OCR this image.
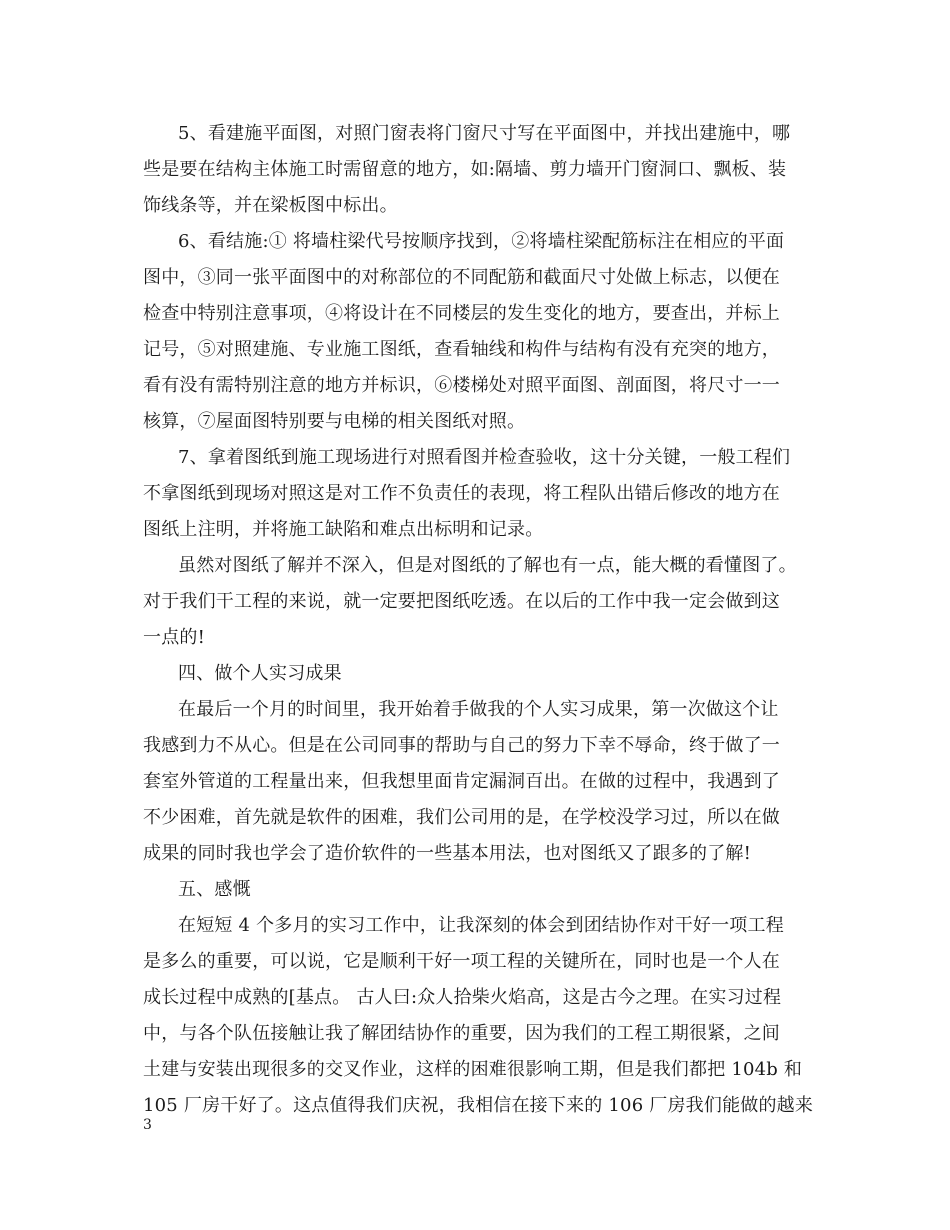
5、看建施平面图，对照门窗表将门窗尺寸写在平面图中，并找出建施中，哪
些是要在结构主体施工时需留意的地方，如:隔墙、剪力墙开门窗洞口、飘板、装
饰线条等，并在梁板图中标出。
6、看结施:① 将墙柱梁代号按顺序找到，②将墙柱梁配筋标注在相应的平面
图中，③同一张平面图中的对称部位的不同配筋和截面尺寸处做上标志，以便在
检查中特别注意事项，④将设计在不同楼层的发生变化的地方，要查出，并标上
记号，⑤对照建施、专业施工图纸，查看轴线和构件与结构有没有充突的地方，
看有没有需特别注意的地方并标识，⑥楼梯处对照平面图、剖面图，将尺寸一一
核算，⑦屋面图特别要与电梯的相关图纸对照。
7、拿着图纸到施工现场进行对照看图并检查验收，这十分关键，一般工程们
不拿图纸到现场对照这是对工作不负责任的表现，将工程队出错后修改的地方在
图纸上注明，并将施工缺陷和难点出标明和记录。
虽然对图纸了解并不深入，但是对图纸的了解也有一点，能大概的看懂图了。
对于我们干工程的来说，就一定要把图纸吃透。在以后的工作中我一定会做到这
一点的!
四、做个人实习成果
在最后一个月的时间里，我开始着手做我的个人实习成果，第一次做这个让
我感到力不从心。但是在公司同事的帮助与自己的努力下幸不辱命，终于做了一
套室外管道的工程量出来，但我想里面肯定漏洞百出。在做的过程中，我遇到了
不少困难，首先就是软件的困难，我们公司用的是，在学校没学习过，所以在做
成果的同时我也学会了造价软件的一些基本用法，也对图纸又了跟多的了解!
五、感慨
在短短 4 个多月的实习工作中，让我深刻的体会到团结协作对干好一项工程
是多么的重要，可以说，它是顺利干好一项工程的关键所在，同时也是一个人在
成长过程中成熟的[基点。 古人曰:众人拾柴火焰高，这是古今之理。在实习过程
中，与各个队伍接触让我了解团结协作的重要，因为我们的工程工期很紧，之间
土建与安装出现很多的交叉作业，这样的困难很影响工期，但是我们都把 104b 和
105 厂房干好了。这点值得我们庆祝，我相信在接下来的 106 厂房我们能做的越来
3
